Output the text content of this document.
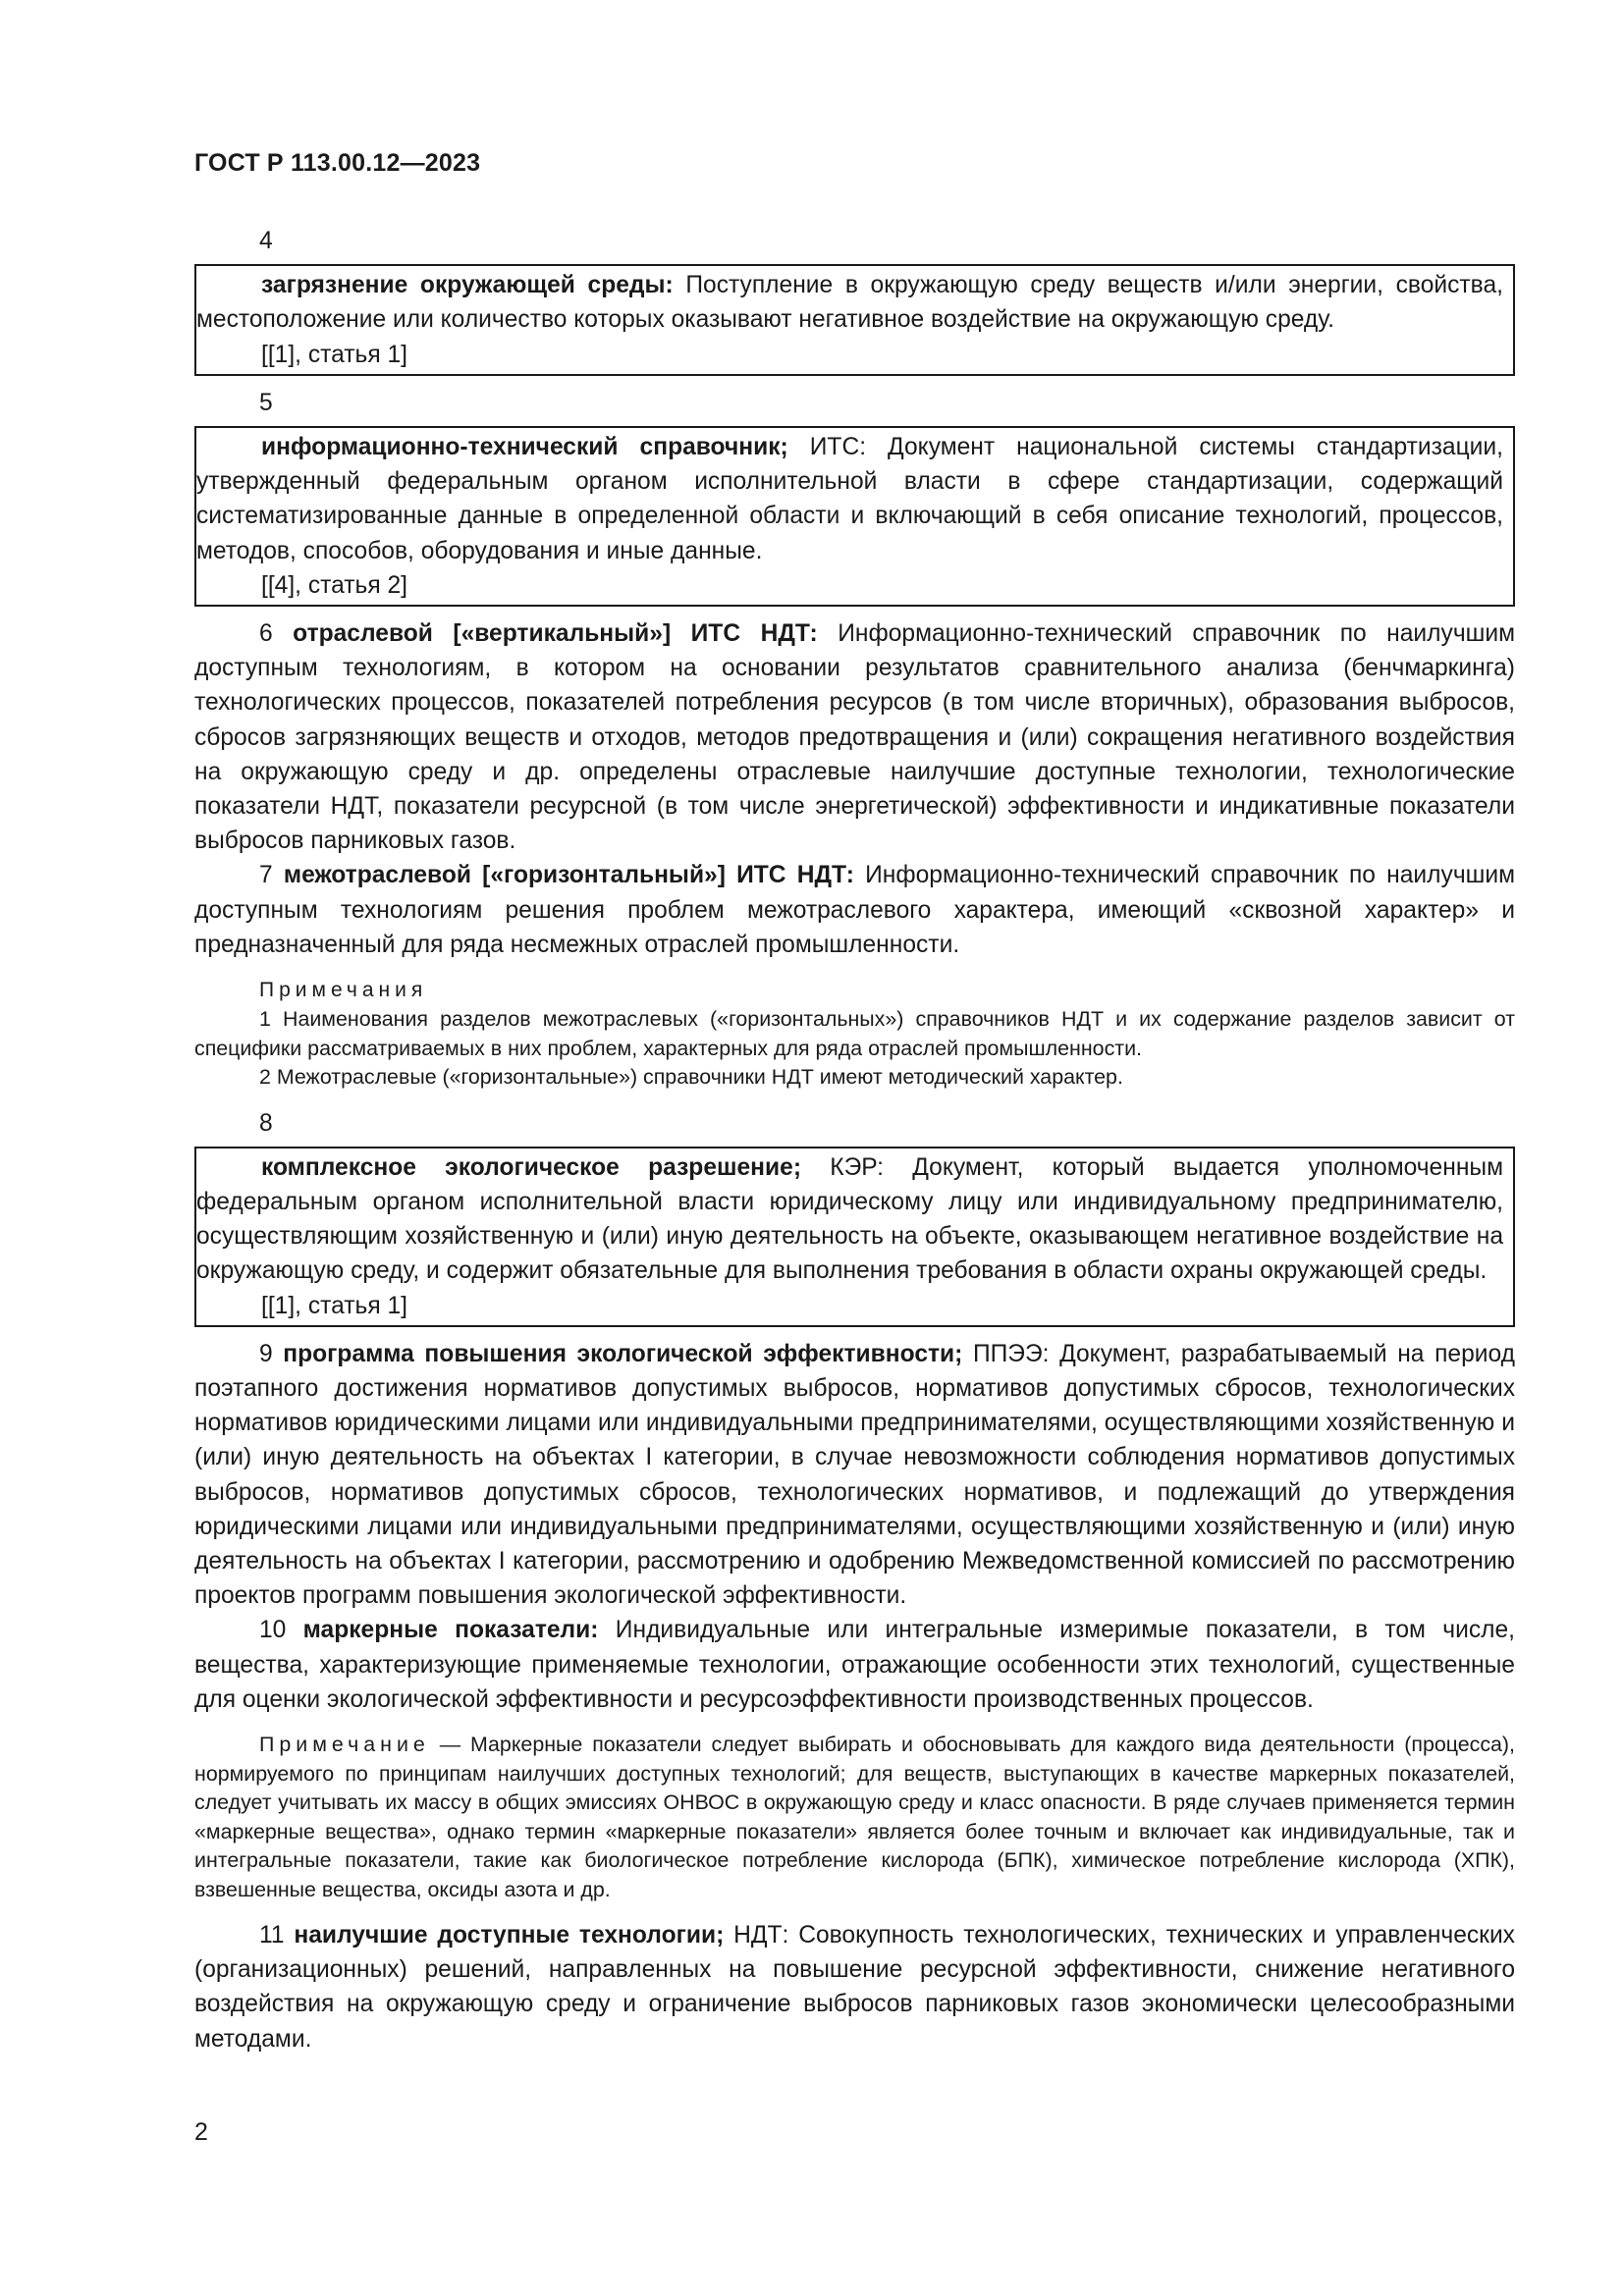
ГОСТ Р 113.00.12—2023
4

загрязнение окружающей среды: Поступление в окружающую среду веществ и/или энергии, свойства, местоположение или количество которых оказывают негативное воздействие на окружающую среду.

[[1], статья 1]
5

информационно-технический справочник; ИТС: Документ национальной системы стандартизации, утвержденный федеральным органом исполнительной власти в сфере стандартизации, содержащий систематизированные данные в определенной области и включающий в себя описание технологий, процессов, методов, способов, оборудования и иные данные.

[[4], статья 2]

6 отраслевой [«вертикальный»] ИТС НДТ: Информационно-технический справочник по наилучшим доступным технологиям, в котором на основании результатов сравнительного анализа (бенчмаркинга) технологических процессов, показателей потребления ресурсов (в том числе вторичных), образования выбросов, сбросов загрязняющих веществ и отходов, методов предотвращения и (или) сокращения негативного воздействия на окружающую среду и др. определены отраслевые наилучшие доступные технологии, технологические показатели НДТ, показатели ресурсной (в том числе энергетической) эффективности и индикативные показатели выбросов парниковых газов.

7 межотраслевой [«горизонтальный»] ИТС НДТ: Информационно-технический справочник по наилучшим доступным технологиям решения проблем межотраслевого характера, имеющий «сквозной характер» и предназначенный для ряда несмежных отраслей промышленности.

Примечания

1 Наименования разделов межотраслевых («горизонтальных») справочников НДТ и их содержание разделов зависит от специфики рассматриваемых в них проблем, характерных для ряда отраслей промышленности.

2 Межотраслевые («горизонтальные») справочники НДТ имеют методический характер.

8

комплексное экологическое разрешение; КЭР: Документ, который выдается уполномоченным федеральным органом исполнительной власти юридическому лицу или индивидуальному предпринимателю, осуществляющим хозяйственную и (или) иную деятельность на объекте, оказывающем негативное воздействие на окружающую среду, и содержит обязательные для выполнения требования в области охраны окружающей среды.

[[1], статья 1]

9 программа повышения экологической эффективности; ППЭЭ: Документ, разрабатываемый на период поэтапного достижения нормативов допустимых выбросов, нормативов допустимых сбросов, технологических нормативов юридическими лицами или индивидуальными предпринимателями, осуществляющими хозяйственную и (или) иную деятельность на объектах I категории, в случае невозможности соблюдения нормативов допустимых выбросов, нормативов допустимых сбросов, технологических нормативов, и подлежащий до утверждения юридическими лицами или индивидуальными предпринимателями, осуществляющими хозяйственную и (или) иную деятельность на объектах I категории, рассмотрению и одобрению Межведомственной комиссией по рассмотрению проектов программ повышения экологической эффективности.

10 маркерные показатели: Индивидуальные или интегральные измеримые показатели, в том числе, вещества, характеризующие применяемые технологии, отражающие особенности этих технологий, существенные для оценки экологической эффективности и ресурсоэффективности производственных процессов.

Примечание — Маркерные показатели следует выбирать и обосновывать для каждого вида деятельности (процесса), нормируемого по принципам наилучших доступных технологий; для веществ, выступающих в качестве маркерных показателей, следует учитывать их массу в общих эмиссиях ОНВОС в окружающую среду и класс опасности. В ряде случаев применяется термин «маркерные вещества», однако термин «маркерные показатели» является более точным и включает как индивидуальные, так и интегральные показатели, такие как биологическое потребление кислорода (БПК), химическое потребление кислорода (ХПК), взвешенные вещества, оксиды азота и др.

11 наилучшие доступные технологии; НДТ: Совокупность технологических, технических и управленческих (организационных) решений, направленных на повышение ресурсной эффективности, снижение негативного воздействия на окружающую среду и ограничение выбросов парниковых газов экономически целесообразными методами.

2
